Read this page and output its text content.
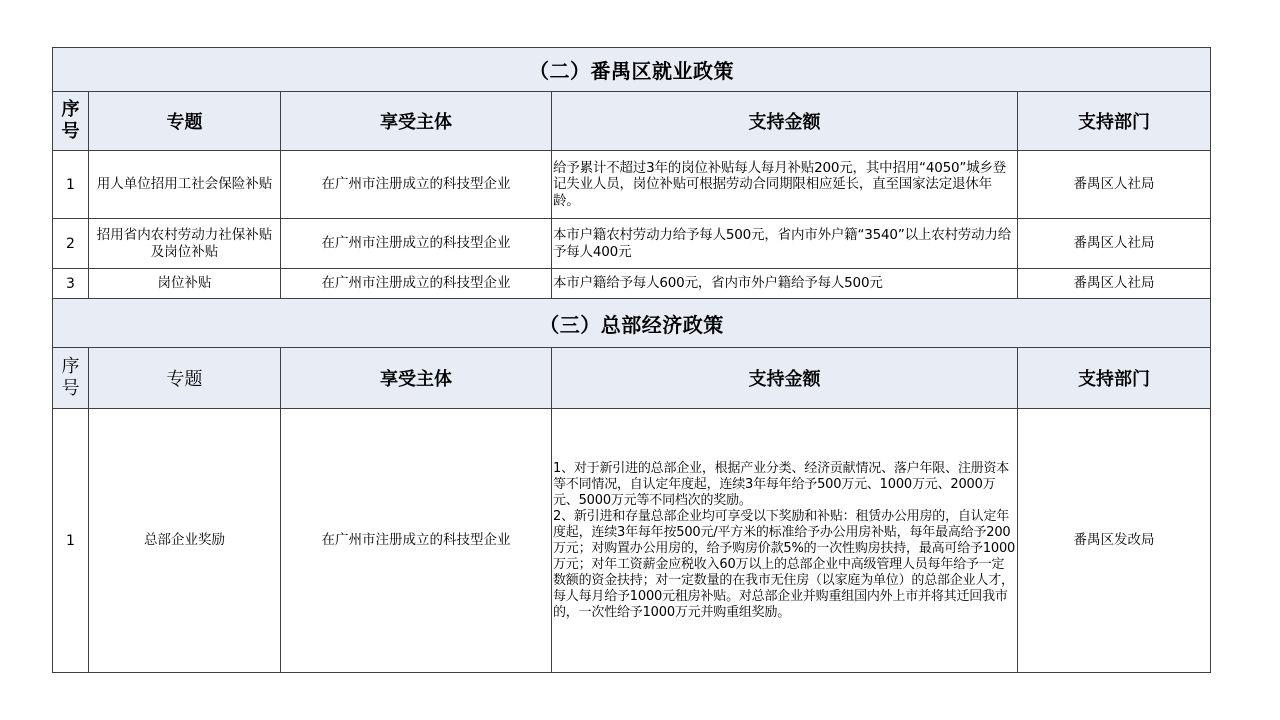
（二）番禺区就业政策				

序号	专题	享受主体	支持金额	支持部门
1	用人单位招用工社会保险补贴	在广州市注册成立的科技型企业	给予累计不超过3年的岗位补贴每人每月补贴200元，其中招用“4050”城乡登记失业人员，岗位补贴可根据劳动合同期限相应延长，直至国家法定退休年龄。	番禺区人社局
2	招用省内农村劳动力社保补贴及岗位补贴	在广州市注册成立的科技型企业	本市户籍农村劳动力给予每人500元，省内市外户籍“3540”以上农村劳动力给予每人400元	番禺区人社局
3	岗位补贴	在广州市注册成立的科技型企业	本市户籍给予每人600元，省内市外户籍给予每人500元	番禺区人社局
（三）总部经济政策				

序号	专题	享受主体	支持金额	支持部门
1	总部企业奖励	在广州市注册成立的科技型企业	1、对于新引进的总部企业，根据产业分类、经济贡献情况、落户年限、注册资本等不同情况，自认定年度起，连续3年每年给予500万元、1000万元、2000万元、5000万元等不同档次的奖励。
2、新引进和存量总部企业均可享受以下奖励和补贴：租赁办公用房的，自认定年度起，连续3年每年按500元/平方米的标准给予办公用房补贴，每年最高给予200万元；对购置办公用房的，给予购房价款5%的一次性购房扶持，最高可给予1000万元；对年工资薪金应税收入60万以上的总部企业中高级管理人员每年给予一定数额的资金扶持；对一定数量的在我市无住房（以家庭为单位）的总部企业人才，每人每月给予1000元租房补贴。对总部企业并购重组国内外上市并将其迁回我市的，一次性给予1000万元并购重组奖励。	番禺区发改局
